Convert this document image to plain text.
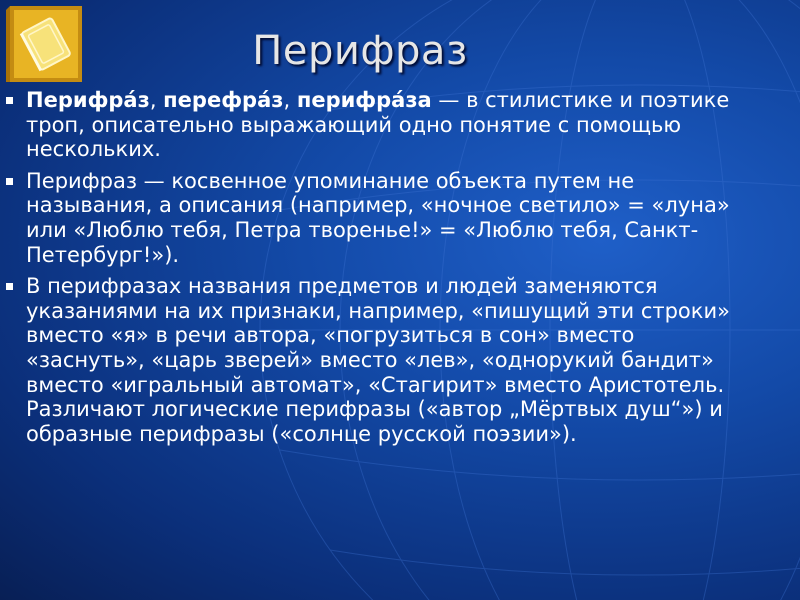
Перифраз
Перифра́з, перефра́з, перифра́за — в стилистике и поэтике троп, описательно выражающий одно понятие с помощью нескольких.
Перифраз — косвенное упоминание объекта путем не называния, а описания (например, «ночное светило» = «луна» или «Люблю тебя, Петра творенье!» = «Люблю тебя, Санкт-Петербург!»).
В перифразах названия предметов и людей заменяются указаниями на их признаки, например, «пишущий эти строки» вместо «я» в речи автора, «погрузиться в сон» вместо «заснуть», «царь зверей» вместо «лев», «однорукий бандит» вместо «игральный автомат», «Стагирит» вместо Аристотель. Различают логические перифразы («автор „Мёртвых душ“») и образные перифразы («солнце русской поэзии»).
